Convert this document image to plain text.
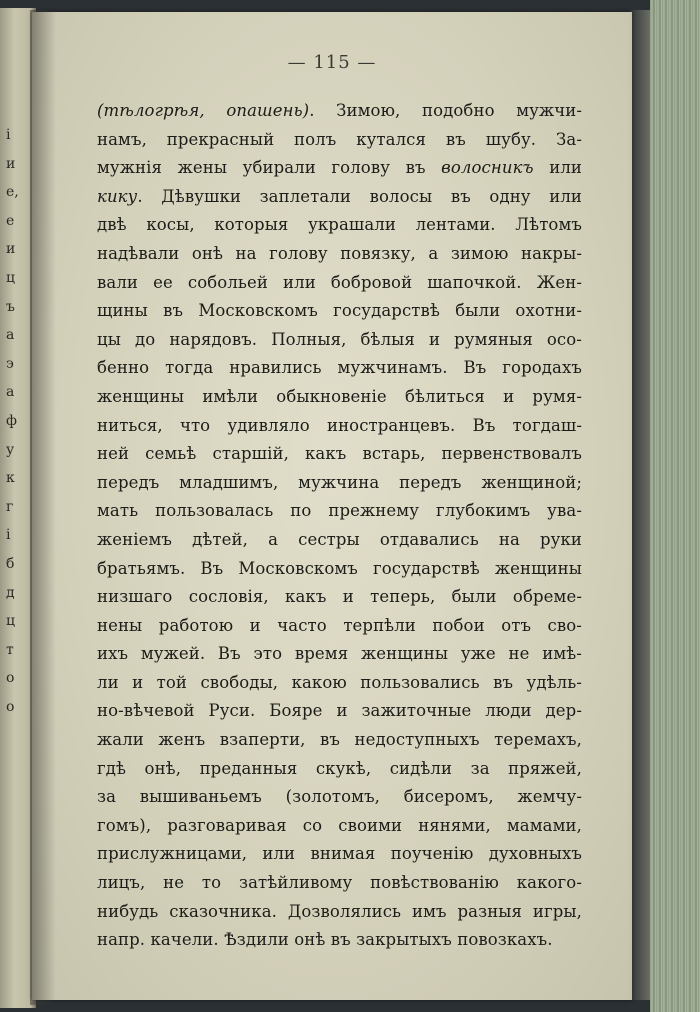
і
и
е,
е
и
ц
ъ
а
э
а
ф
у
к
г
і
б
д
ц
т
о
о
— 115 —
(тѣлогрѣя, опашень). Зимою, подобно мужчи-
намъ, прекрасный полъ кутался въ шубу. За-
мужнія жены убирали голову въ волосникъ или
кику. Дѣвушки заплетали волосы въ одну или
двѣ косы, которыя украшали лентами. Лѣтомъ
надѣвали онѣ на голову повязку, а зимою накры-
вали ее собольей или бобровой шапочкой. Жен-
щины въ Московскомъ государствѣ были охотни-
цы до нарядовъ. Полныя, бѣлыя и румяныя осо-
бенно тогда нравились мужчинамъ. Въ городахъ
женщины имѣли обыкновеніе бѣлиться и румя-
ниться, что удивляло иностранцевъ. Въ тогдаш-
ней семьѣ старшій, какъ встарь, первенствовалъ
передъ младшимъ, мужчина передъ женщиной;
мать пользовалась по прежнему глубокимъ ува-
женіемъ дѣтей, а сестры отдавались на руки
братьямъ. Въ Московскомъ государствѣ женщины
низшаго сословія, какъ и теперь, были обреме-
нены работою и часто терпѣли побои отъ сво-
ихъ мужей. Въ это время женщины уже не имѣ-
ли и той свободы, какою пользовались въ удѣль-
но-вѣчевой Руси. Бояре и зажиточные люди дер-
жали женъ взаперти, въ недоступныхъ теремахъ,
гдѣ онѣ, преданныя скукѣ, сидѣли за пряжей,
за вышиваньемъ (золотомъ, бисеромъ, жемчу-
гомъ), разговаривая со своими нянями, мамами,
прислужницами, или внимая поученію духовныхъ
лицъ, не то затѣйливому повѣствованію какого-
нибудь сказочника. Дозволялись имъ разныя игры,
напр. качели. Ѣздили онѣ въ закрытыхъ повозкахъ.
